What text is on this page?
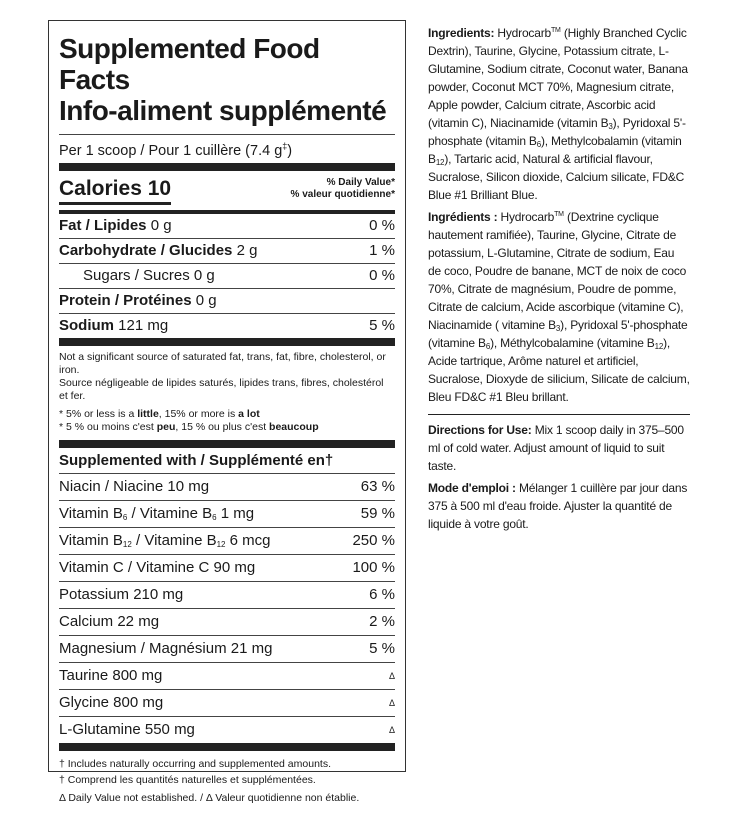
Supplemented Food Facts
Info-aliment supplémenté
Per 1 scoop / Pour 1 cuillère (7.4 g‡)
Calories 10	% Daily Value*
% valeur quotidienne*
Fat / Lipides 0 g	0 %
Carbohydrate / Glucides 2 g	1 %
Sugars / Sucres 0 g	0 %
Protein / Protéines 0 g
Sodium 121 mg	5 %
Not a significant source of saturated fat, trans, fat, fibre, cholesterol, or iron.
Source négligeable de lipides saturés, lipides trans, fibres, cholestérol et fer.
* 5% or less is a little, 15% or more is a lot
* 5 % ou moins c'est peu, 15 % ou plus c'est beaucoup
Supplemented with / Supplémenté en†
Niacin / Niacine 10 mg	63 %
Vitamin $B_6$ / Vitamine $B_6$ 1 mg	59 %
Vitamin $B_{12}$ / Vitamine $B_{12}$ 6 mcg	250 %
Vitamin C / Vitamine C 90 mg	100 %
Potassium 210 mg	6 %
Calcium 22 mg	2 %
Magnesium / Magnésium 21 mg	5 %
Taurine 800 mg	Δ
Glycine 800 mg	Δ
L-Glutamine 550 mg	Δ
† Includes naturally occurring and supplemented amounts.
† Comprend les quantités naturelles et supplémentées.
Δ Daily Value not established. / Δ Valeur quotidienne non établie.

Ingredients: Hydrocarb™ (Highly Branched Cyclic Dextrin), Taurine, Glycine, Potassium citrate, L-Glutamine, Sodium citrate, Coconut water, Banana powder, Coconut MCT 70%, Magnesium citrate, Apple powder, Calcium citrate, Ascorbic acid (vitamin C), Niacinamide (vitamin $B_3$), Pyridoxal 5'-phosphate (vitamin $B_6$), Methylcobalamin (vitamin $B_{12}$), Tartaric acid, Natural & artificial flavour, Sucralose, Silicon dioxide, Calcium silicate, FD&C Blue #1 Brilliant Blue.

Ingrédients : Hydrocarb™ (Dextrine cyclique hautement ramifiée), Taurine, Glycine, Citrate de potassium, L-Glutamine, Citrate de sodium, Eau de coco, Poudre de banane, MCT de noix de coco 70%, Citrate de magnésium, Poudre de pomme, Citrate de calcium, Acide ascorbique (vitamine C), Niacinamide ( vitamine $B_3$), Pyridoxal 5'-phosphate (vitamine $B_6$), Méthylcobalamine (vitamine $B_{12}$), Acide tartrique, Arôme naturel et artificiel, Sucralose, Dioxyde de silicium, Silicate de calcium, Bleu FD&C #1 Bleu brillant.

Directions for Use: Mix 1 scoop daily in 375–500 ml of cold water. Adjust amount of liquid to suit taste.

Mode d'emploi : Mélanger 1 cuillère par jour dans 375 à 500 ml d'eau froide. Ajuster la quantité de liquide à votre goût.
